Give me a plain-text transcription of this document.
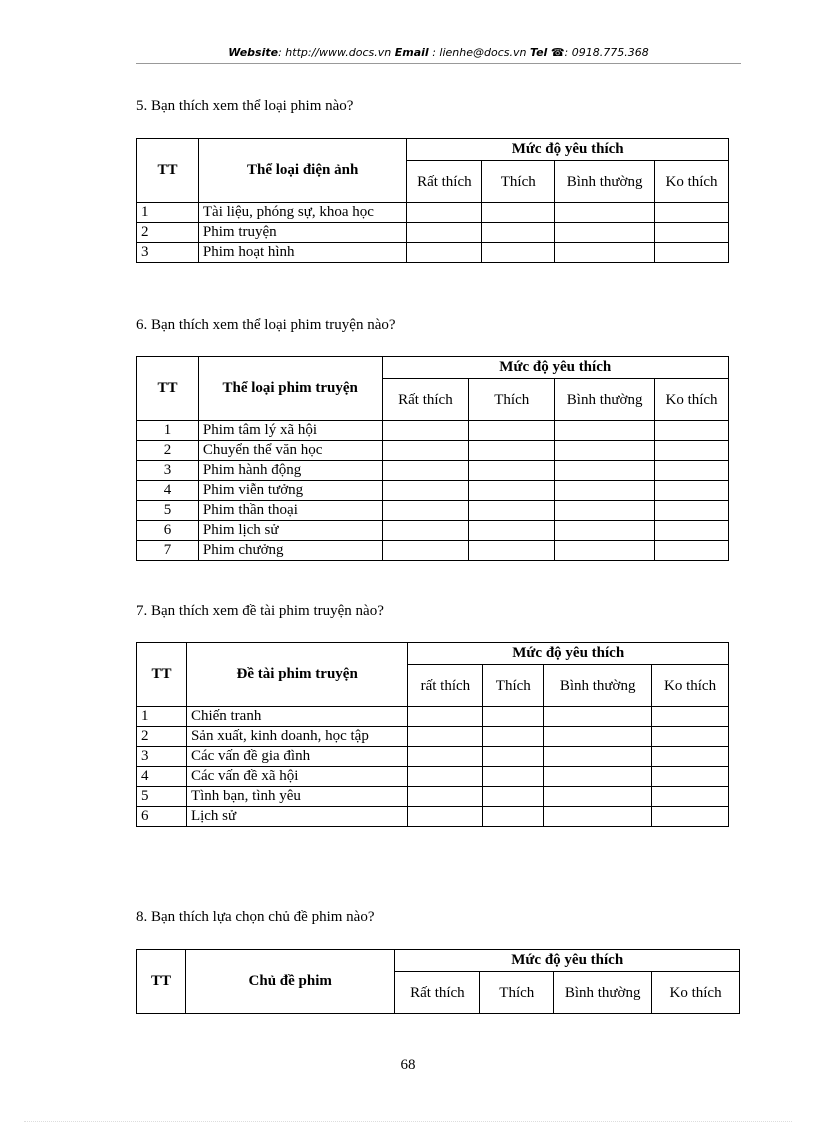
Website: http://www.docs.vn Email : lienhe@docs.vn Tel ☎: 0918.775.368
5. Bạn thích xem thể loại phim nào?
TT	Thể loại điện ảnh	Mức độ yêu thích			
		Rất thích	Thích	Bình thường	Ko thích
1	Tài liệu, phóng sự, khoa học				
2	Phim truyện				
3	Phim hoạt hình				
6. Bạn thích xem thể loại phim truyện nào?
TT	Thể loại phim truyện	Mức độ yêu thích			
		Rất thích	Thích	Bình thường	Ko thích
1	Phim tâm lý xã hội				
2	Chuyển thể văn học				
3	Phim hành động				
4	Phim viễn tưởng				
5	Phim thần thoại				
6	Phim lịch sử				
7	Phim chưởng				
7. Bạn thích xem đề tài phim truyện nào?
TT	Đề tài phim truyện	Mức độ yêu thích			
		rất thích	Thích	Bình thường	Ko thích
1	Chiến tranh				
2	Sản xuất, kinh doanh, học tập				
3	Các vấn đề gia đình				
4	Các vấn đề xã hội				
5	Tình bạn, tình yêu				
6	Lịch sử				
8. Bạn thích lựa chọn chủ đề phim nào?
TT	Chủ đề phim	Mức độ yêu thích			
		Rất thích	Thích	Bình thường	Ko thích
68
